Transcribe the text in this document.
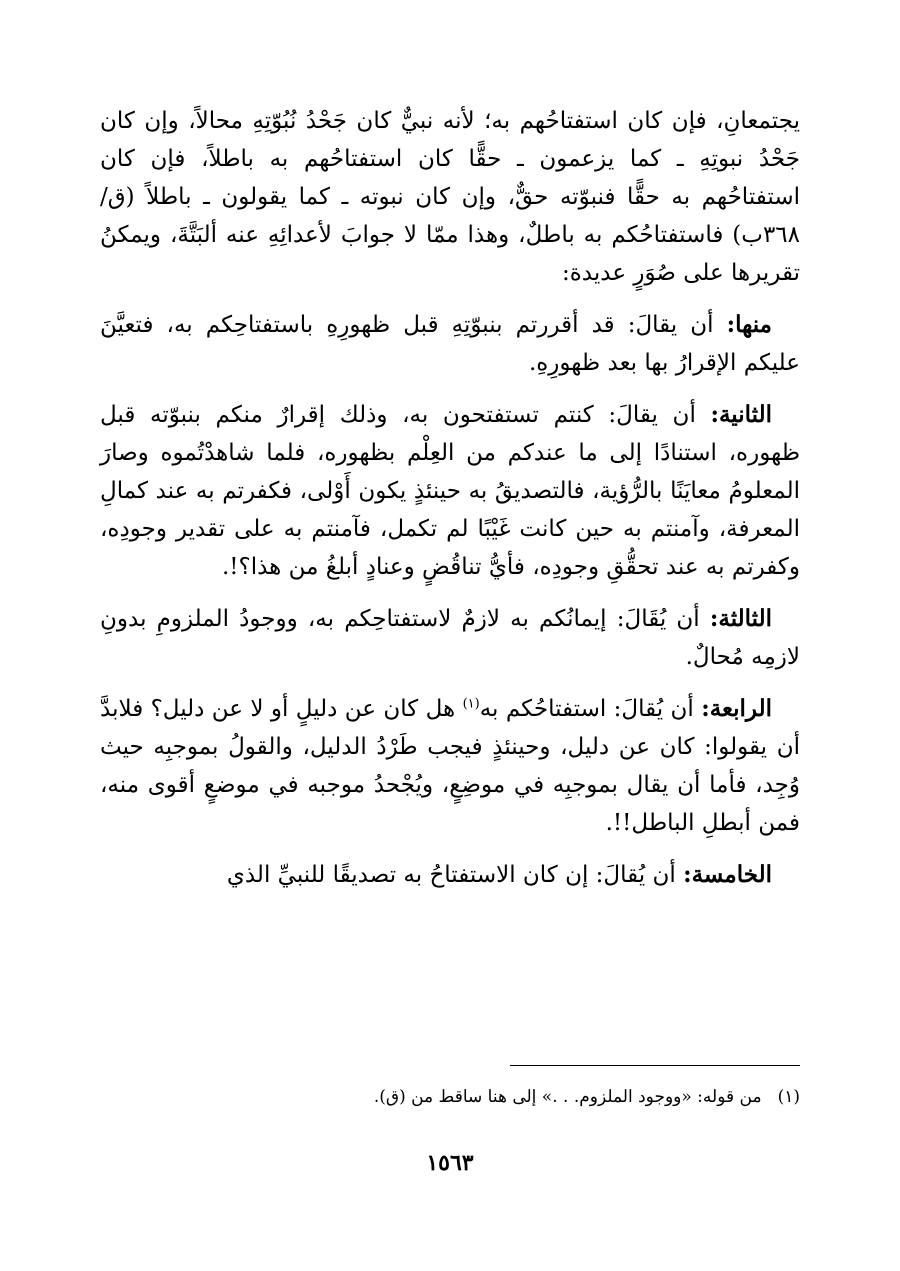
يجتمعانِ، فإن كان استفتاحُهم به؛ لأنه نبيٌّ كان جَحْدُ نُبُوّتِهِ محالاً، وإن كان جَحْدُ نبوتِهِ ـ كما يزعمون ـ حقًّا كان استفتاحُهم به باطلاً، فإن كان استفتاحُهم به حقًّا فنبوّته حقٌّ، وإن كان نبوته ـ كما يقولون ـ باطلاً (ق/٣٦٨ب) فاستفتاحُكم به باطلٌ، وهذا ممّا لا جوابَ لأعدائِهِ عنه ألبَتَّةَ، ويمكنُ تقريرها على صُوَرٍ عديدة:

منها: أن يقالَ: قد أقررتم بنبوّتِهِ قبل ظهورِهِ باستفتاحِكم به، فتعيَّنَ عليكم الإقرارُ بها بعد ظهورِهِ.

الثانية: أن يقالَ: كنتم تستفتحون به، وذلك إقرارٌ منكم بنبوّته قبل ظهوره، استنادًا إلى ما عندكم من العِلْم بظهوره، فلما شاهدْتُموه وصارَ المعلومُ معايَنًا بالرُّؤية، فالتصديقُ به حينئذٍ يكون أَوْلى، فكفرتم به عند كمالِ المعرفة، وآمنتم به حين كانت غَيْبًا لم تكمل، فآمنتم به على تقدير وجودِه، وكفرتم به عند تحقُّقِ وجودِه، فأيُّ تناقُضٍ وعنادٍ أبلغُ من هذا؟!.

الثالثة: أن يُقَالَ: إيمانُكم به لازمٌ لاستفتاحِكم به، ووجودُ الملزومِ بدونِ لازمِه مُحالٌ.

الرابعة: أن يُقالَ: استفتاحُكم به$^{(١)}$ هل كان عن دليلٍ أو لا عن دليل؟ فلابدَّ أن يقولوا: كان عن دليل، وحينئذٍ فيجب طَرْدُ الدليل، والقولُ بموجبِه حيث وُجِد، فأما أن يقال بموجبِه في موضِعٍ، ويُجْحدُ موجبه في موضعٍ أقوى منه، فمن أبطلِ الباطل!!.

الخامسة: أن يُقالَ: إن كان الاستفتاحُ به تصديقًا للنبيِّ الذي

(١)من قوله: «ووجود الملزوم. . .» إلى هنا ساقط من (ق).

١٥٦٣
